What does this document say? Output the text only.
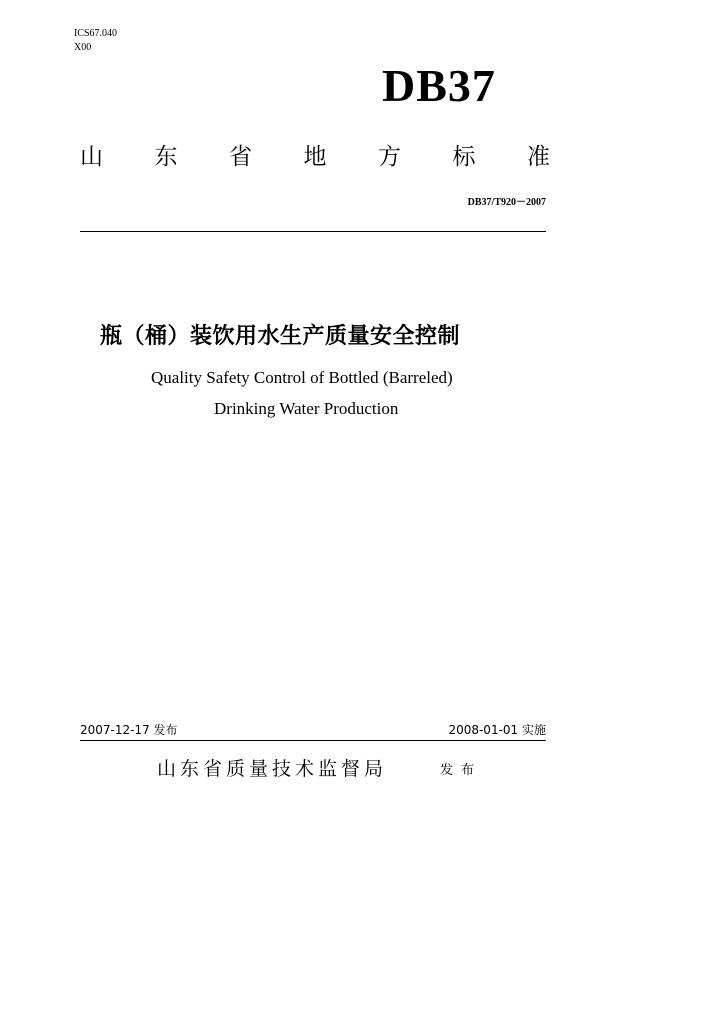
ICS67.040
X00
DB37
山 东 省 地 方 标 准
DB37/T920－2007
瓶（桶）装饮用水生产质量安全控制
Quality Safety Control of Bottled (Barreled)
Drinking Water Production
2007-12-17 发布	2008-01-01 实施
山东省质量技术监督局	发布
